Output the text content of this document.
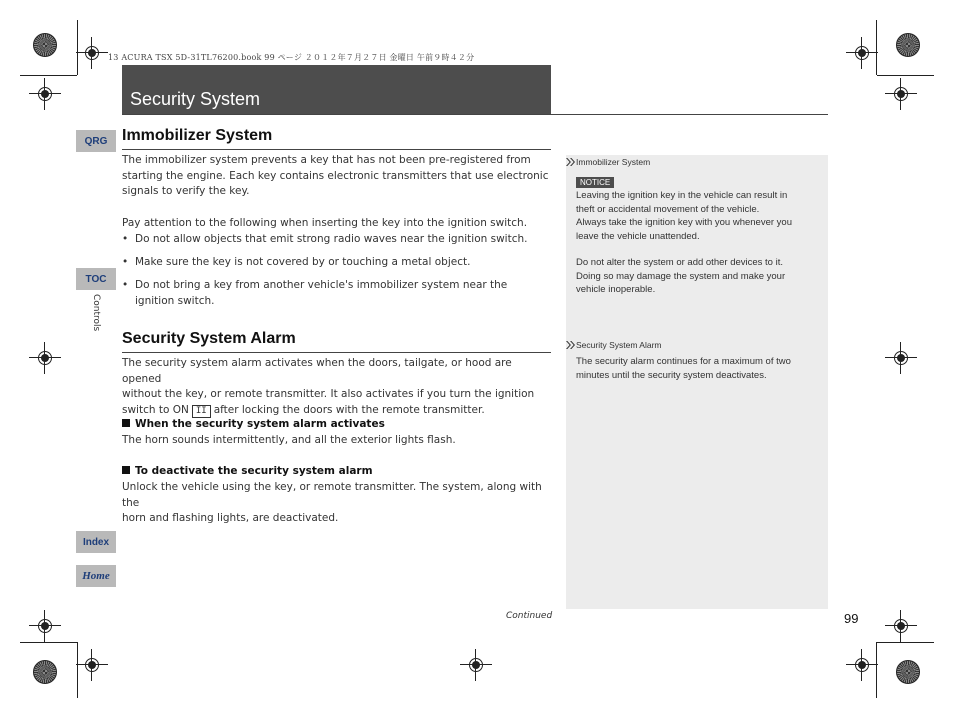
13 ACURA TSX 5D-31TL76200.book 99 ページ ２０１２年７月２７日 金曜日 午前９時４２分
Security System
QRG
TOC
Controls
Index
Home
Immobilizer System
The immobilizer system prevents a key that has not been pre-registered from
starting the engine. Each key contains electronic transmitters that use electronic
signals to verify the key.
Pay attention to the following when inserting the key into the ignition switch.
• Do not allow objects that emit strong radio waves near the ignition switch.
• Make sure the key is not covered by or touching a metal object.
• Do not bring a key from another vehicle's immobilizer system near the
ignition switch.
Security System Alarm
The security system alarm activates when the doors, tailgate, or hood are opened
without the key, or remote transmitter. It also activates if you turn the ignition
switch to ON II after locking the doors with the remote transmitter.
When the security system alarm activates
The horn sounds intermittently, and all the exterior lights flash.
To deactivate the security system alarm
Unlock the vehicle using the key, or remote transmitter. The system, along with the
horn and flashing lights, are deactivated.
Immobilizer System
NOTICE
Leaving the ignition key in the vehicle can result in
theft or accidental movement of the vehicle.
Always take the ignition key with you whenever you
leave the vehicle unattended.
Do not alter the system or add other devices to it.
Doing so may damage the system and make your
vehicle inoperable.
Security System Alarm
The security alarm continues for a maximum of two
minutes until the security system deactivates.
Continued	99
